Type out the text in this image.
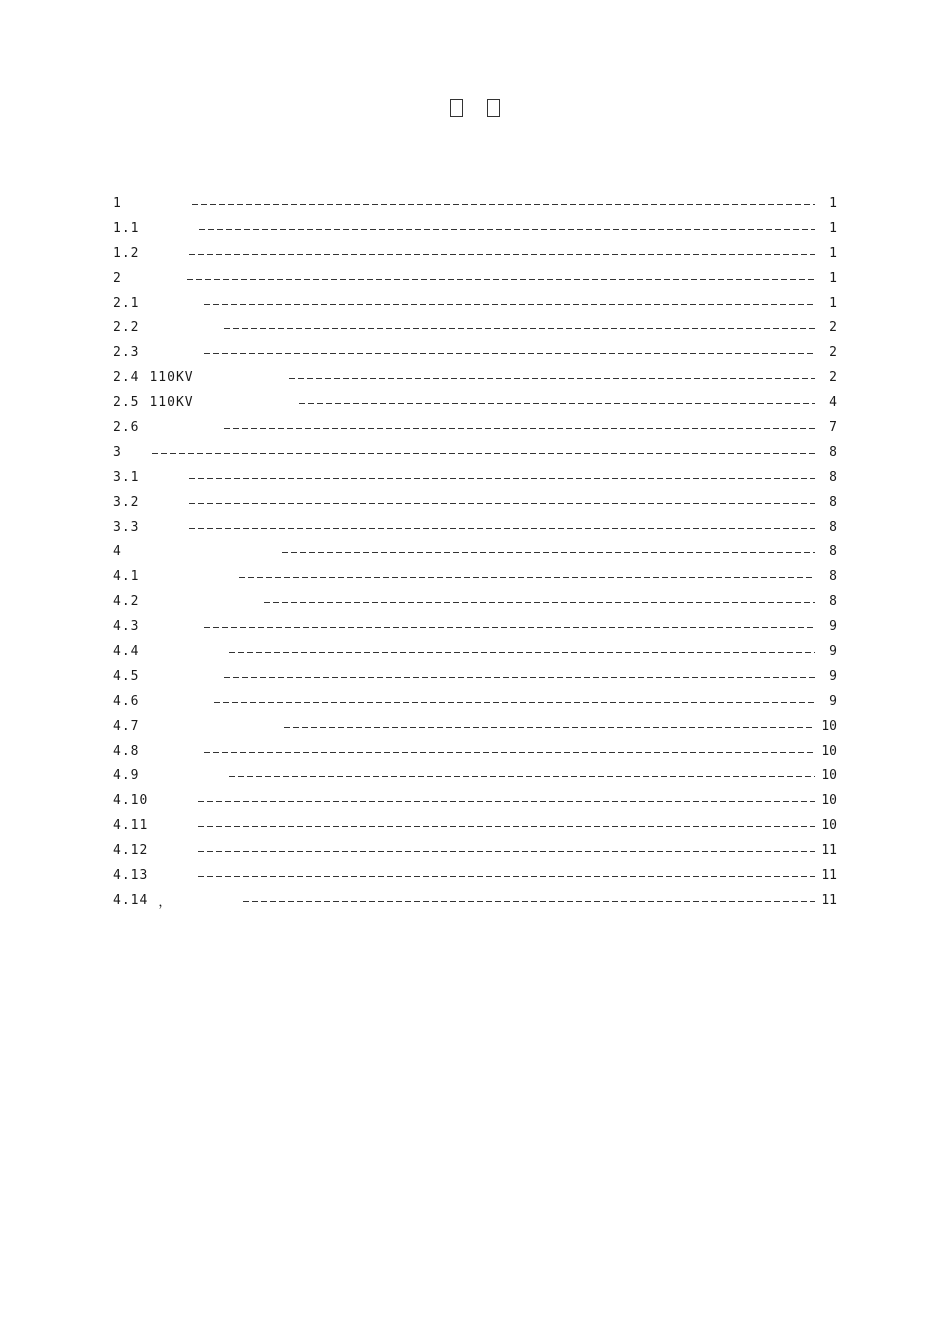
1	1
1.1	1
1.2	1
2	1
2.1	1
2.2	2
2.3	2
2.4 110KV	2
2.5 110KV	4
2.6	7
3	8
3.1	8
3.2	8
3.3	8
4	8
4.1	8
4.2	8
4.3	9
4.4	9
4.5	9
4.6	9
4.7	10
4.8	10
4.9	10
4.10	10
4.11	10
4.12	11
4.13	11
4.14 ，	11
